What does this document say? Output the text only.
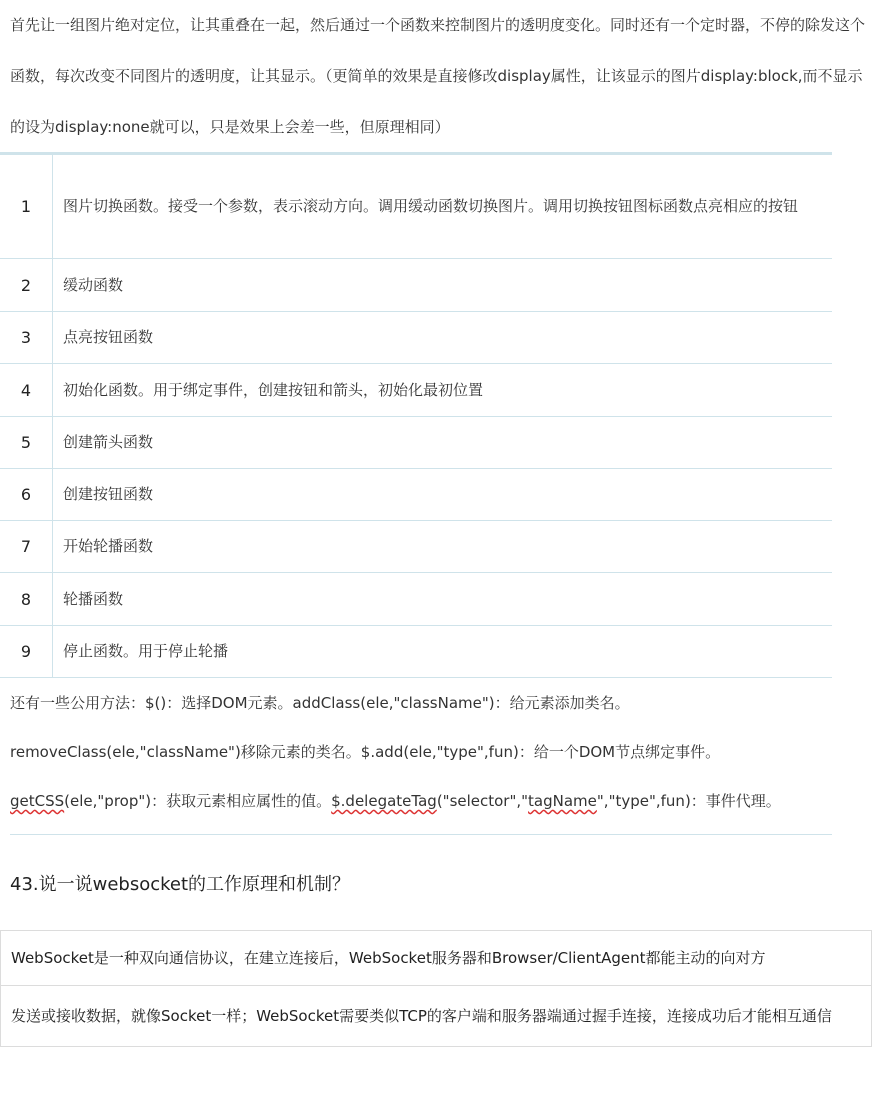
首先让一组图片绝对定位，让其重叠在一起，然后通过一个函数来控制图片的透明度变化。同时还有一个定时器，不停的除发这个函数，每次改变不同图片的透明度，让其显示。（更简单的效果是直接修改display属性，让该显示的图片display:block,而不显示的设为display:none就可以，只是效果上会差一些，但原理相同）
1	图片切换函数。接受一个参数，表示滚动方向。调用缓动函数切换图片。调用切换按钮图标函数点亮相应的按钮
2	缓动函数
3	点亮按钮函数
4	初始化函数。用于绑定事件，创建按钮和箭头，初始化最初位置
5	创建箭头函数
6	创建按钮函数
7	开始轮播函数
8	轮播函数
9	停止函数。用于停止轮播
还有一些公用方法：$()：选择DOM元素。addClass(ele,"className")：给元素添加类名。removeClass(ele,"className")移除元素的类名。$.add(ele,"type",fun)：给一个DOM节点绑定事件。
getCSS(ele,"prop")：获取元素相应属性的值。$.delegateTag("selector","tagName","type",fun)：事件代理。
43.说一说websocket的工作原理和机制？
WebSocket是一种双向通信协议，在建立连接后，WebSocket服务器和Browser/ClientAgent都能主动的向对方
发送或接收数据，就像Socket一样；WebSocket需要类似TCP的客户端和服务器端通过握手连接，连接成功后才能相互通信
